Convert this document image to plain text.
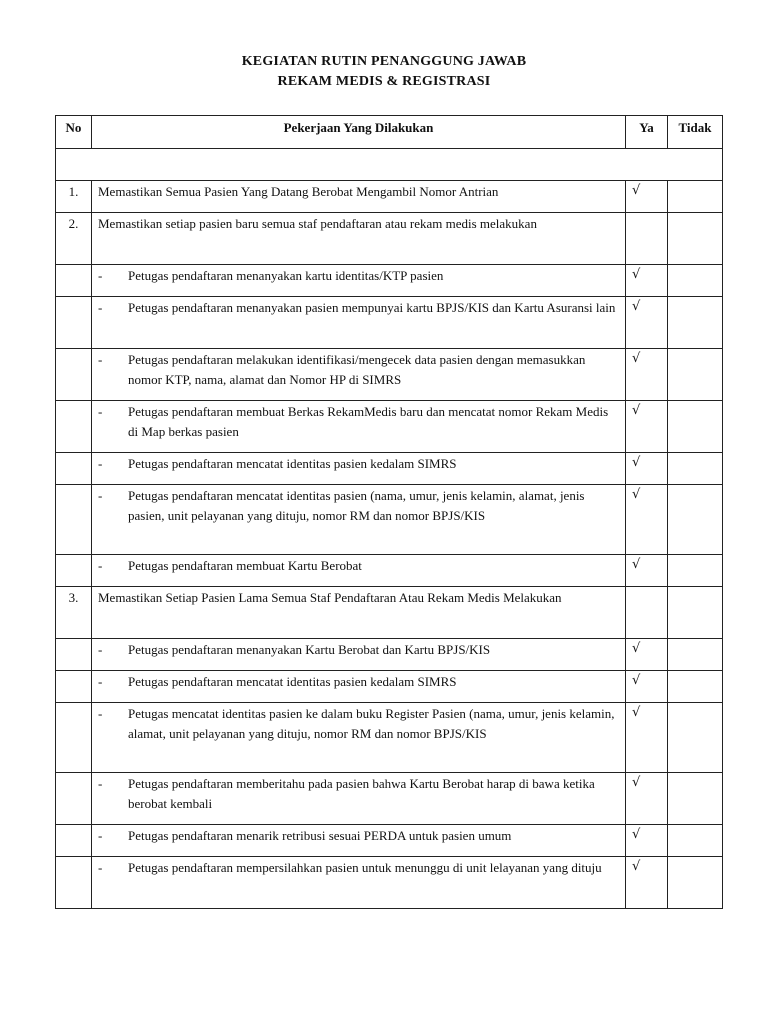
KEGIATAN RUTIN PENANGGUNG JAWAB
REKAM MEDIS & REGISTRASI
No	Pekerjaan Yang Dilakukan	Ya	Tidak

1.	Memastikan Semua Pasien Yang Datang Berobat Mengambil Nomor Antrian	√	

2.	Memastikan setiap pasien baru semua staf pendaftaran atau rekam medis melakukan		

	- Petugas pendaftaran menanyakan kartu identitas/KTP pasien	√	

	- Petugas pendaftaran menanyakan pasien mempunyai kartu BPJS/KIS dan Kartu Asuransi lain	√	

	- Petugas pendaftaran melakukan identifikasi/mengecek data pasien dengan memasukkan nomor KTP, nama, alamat dan Nomor HP di SIMRS	√	

	- Petugas pendaftaran membuat Berkas RekamMedis baru dan mencatat nomor Rekam Medis di Map berkas pasien	√	

	- Petugas pendaftaran mencatat identitas pasien kedalam SIMRS	√	

	- Petugas pendaftaran mencatat identitas pasien (nama, umur, jenis kelamin, alamat, jenis pasien, unit pelayanan yang dituju, nomor RM dan nomor BPJS/KIS	√	

	- Petugas pendaftaran membuat Kartu Berobat	√	

3.	Memastikan Setiap Pasien Lama Semua Staf Pendaftaran Atau Rekam Medis Melakukan		

	- Petugas pendaftaran menanyakan Kartu Berobat dan Kartu BPJS/KIS	√	

	- Petugas pendaftaran mencatat identitas pasien kedalam SIMRS	√	

	- Petugas mencatat identitas pasien ke dalam buku Register Pasien (nama, umur, jenis kelamin, alamat, unit pelayanan yang dituju, nomor RM dan nomor BPJS/KIS	√	

	- Petugas pendaftaran memberitahu pada pasien bahwa Kartu Berobat harap di bawa ketika berobat kembali	√	

	- Petugas pendaftaran menarik retribusi sesuai PERDA untuk pasien umum	√	

	- Petugas pendaftaran mempersilahkan pasien untuk menunggu di unit lelayanan yang dituju	√	
